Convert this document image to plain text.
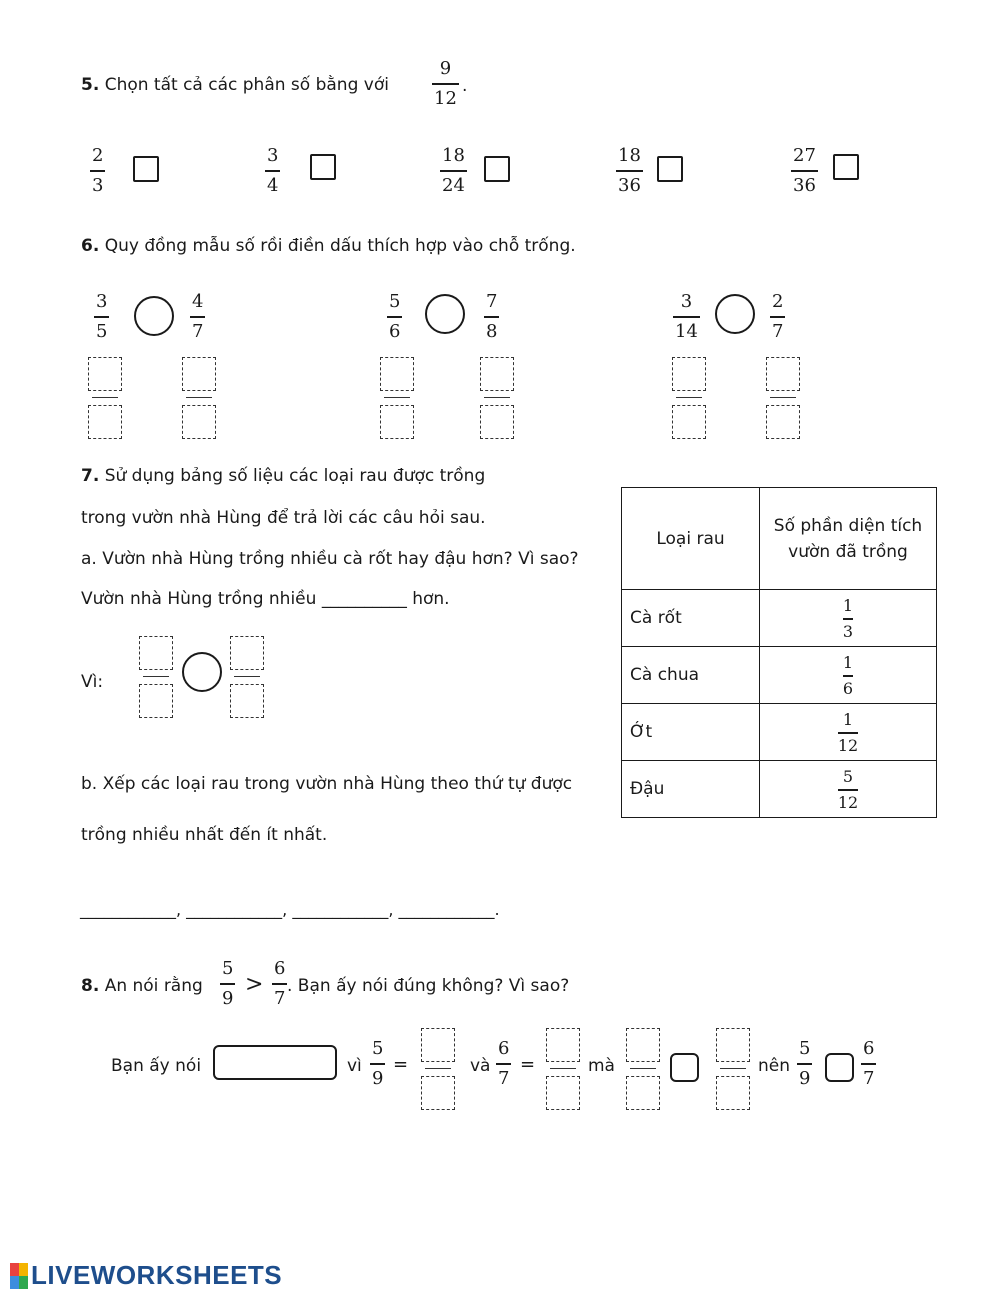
5. Chọn tất cả các phân số bằng với
9
12
.
2
3
3
4
18
24
18
36
27
36
6. Quy đồng mẫu số rồi điền dấu thích hợp vào chỗ trống.
3
5
4
7
5
6
7
8
3
14
2
7
7. Sử dụng bảng số liệu các loại rau được trồng
trong vườn nhà Hùng để trả lời các câu hỏi sau.
a. Vườn nhà Hùng trồng nhiều cà rốt hay đậu hơn? Vì sao?
Vườn nhà Hùng trồng nhiều __________ hơn.
Vì:
b. Xếp các loại rau trong vườn nhà Hùng theo thứ tự được
trồng nhiều nhất đến ít nhất.
____________, ____________, ____________, ____________.
Loại rau	Số phần diện tích
vườn đã trồng

Cà rốt	$\frac{1}{3}$

Cà chua	$\frac{1}{6}$

Ớt	$\frac{1}{12}$

Đậu	$\frac{5}{12}$
8. An nói rằng
5
9
>
6
7
. Bạn ấy nói đúng không? Vì sao?
Bạn ấy nói	vì
5
9
=	và
6
7
=	mà	nên
5
9
6
7
LIVEWORKSHEETS
